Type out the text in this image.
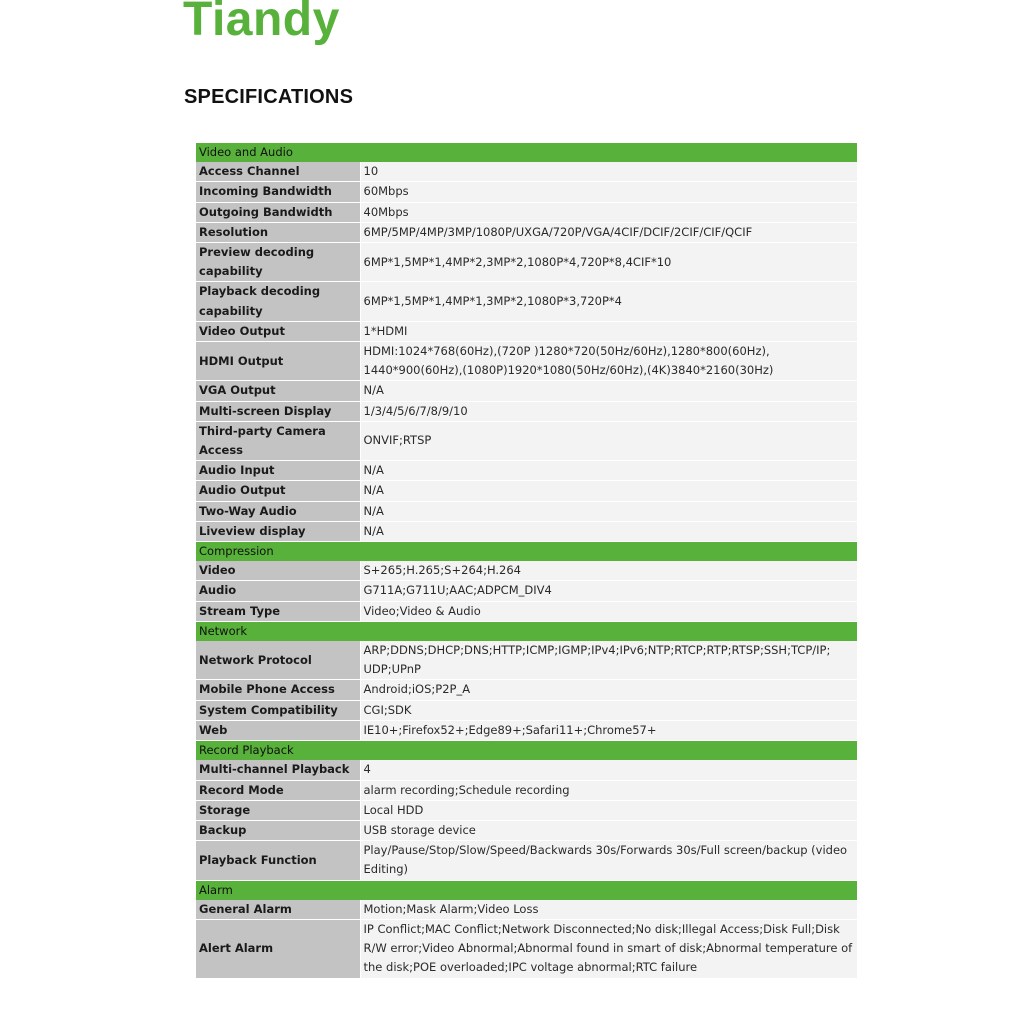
Tiandy
SPECIFICATIONS
Video and Audio	
Access Channel	10
Incoming Bandwidth	60Mbps
Outgoing Bandwidth	40Mbps
Resolution	6MP/5MP/4MP/3MP/1080P/UXGA/720P/VGA/4CIF/DCIF/2CIF/CIF/QCIF
Preview decoding capability	6MP*1,5MP*1,4MP*2,3MP*2,1080P*4,720P*8,4CIF*10
Playback decoding capability	6MP*1,5MP*1,4MP*1,3MP*2,1080P*3,720P*4
Video Output	1*HDMI
HDMI Output	HDMI:1024*768(60Hz),(720P )1280*720(50Hz/60Hz),1280*800(60Hz), 1440*900(60Hz),(1080P)1920*1080(50Hz/60Hz),(4K)3840*2160(30Hz)
VGA Output	N/A
Multi-screen Display	1/3/4/5/6/7/8/9/10
Third-party Camera Access	ONVIF;RTSP
Audio Input	N/A
Audio Output	N/A
Two-Way Audio	N/A
Liveview display	N/A
Compression	
Video	S+265;H.265;S+264;H.264
Audio	G711A;G711U;AAC;ADPCM_DIV4
Stream Type	Video;Video & Audio
Network	
Network Protocol	ARP;DDNS;DHCP;DNS;HTTP;ICMP;IGMP;IPv4;IPv6;NTP;RTCP;RTP;RTSP;SSH;TCP/IP; UDP;UPnP
Mobile Phone Access	Android;iOS;P2P_A
System Compatibility	CGI;SDK
Web	IE10+;Firefox52+;Edge89+;Safari11+;Chrome57+
Record Playback	
Multi-channel Playback	4
Record Mode	alarm recording;Schedule recording
Storage	Local HDD
Backup	USB storage device
Playback Function	Play/Pause/Stop/Slow/Speed/Backwards 30s/Forwards 30s/Full screen/backup (video Editing)
Alarm	
General Alarm	Motion;Mask Alarm;Video Loss
Alert Alarm	IP Conflict;MAC Conflict;Network Disconnected;No disk;Illegal Access;Disk Full;Disk R/W error;Video Abnormal;Abnormal found in smart of disk;Abnormal temperature of the disk;POE overloaded;IPC voltage abnormal;RTC failure
